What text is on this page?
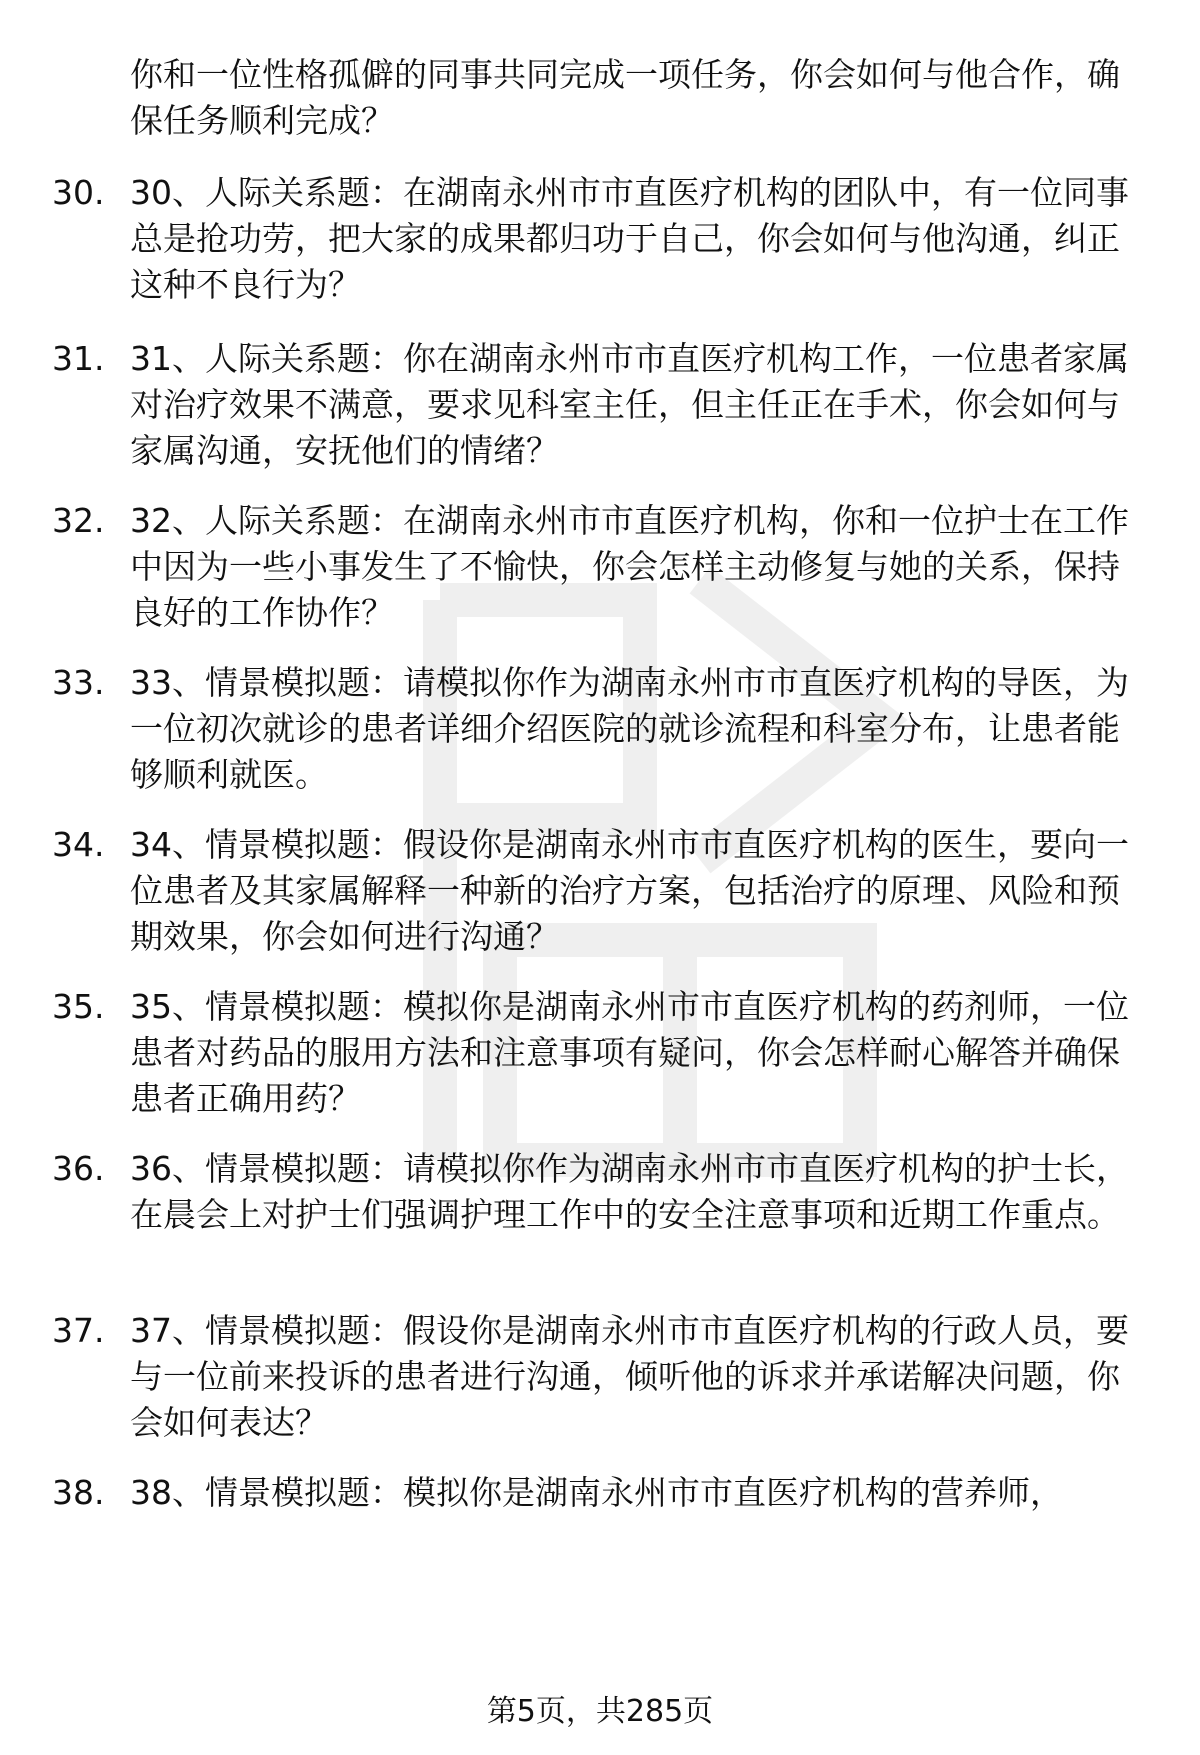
你和一位性格孤僻的同事共同完成一项任务，你会如何与他合作，确保任务顺利完成？
30. 30、人际关系题：在湖南永州市市直医疗机构的团队中，有一位同事总是抢功劳，把大家的成果都归功于自己，你会如何与他沟通，纠正这种不良行为？
31. 31、人际关系题：你在湖南永州市市直医疗机构工作，一位患者家属对治疗效果不满意，要求见科室主任，但主任正在手术，你会如何与家属沟通，安抚他们的情绪？
32. 32、人际关系题：在湖南永州市市直医疗机构，你和一位护士在工作中因为一些小事发生了不愉快，你会怎样主动修复与她的关系，保持良好的工作协作？
33. 33、情景模拟题：请模拟你作为湖南永州市市直医疗机构的导医，为一位初次就诊的患者详细介绍医院的就诊流程和科室分布，让患者能够顺利就医。
34. 34、情景模拟题：假设你是湖南永州市市直医疗机构的医生，要向一位患者及其家属解释一种新的治疗方案，包括治疗的原理、风险和预期效果，你会如何进行沟通？
35. 35、情景模拟题：模拟你是湖南永州市市直医疗机构的药剂师，一位患者对药品的服用方法和注意事项有疑问，你会怎样耐心解答并确保患者正确用药？
36. 36、情景模拟题：请模拟你作为湖南永州市市直医疗机构的护士长，在晨会上对护士们强调护理工作中的安全注意事项和近期工作重点。
37. 37、情景模拟题：假设你是湖南永州市市直医疗机构的行政人员，要与一位前来投诉的患者进行沟通，倾听他的诉求并承诺解决问题，你会如何表达？
38. 38、情景模拟题：模拟你是湖南永州市市直医疗机构的营养师，
第5页，共285页
